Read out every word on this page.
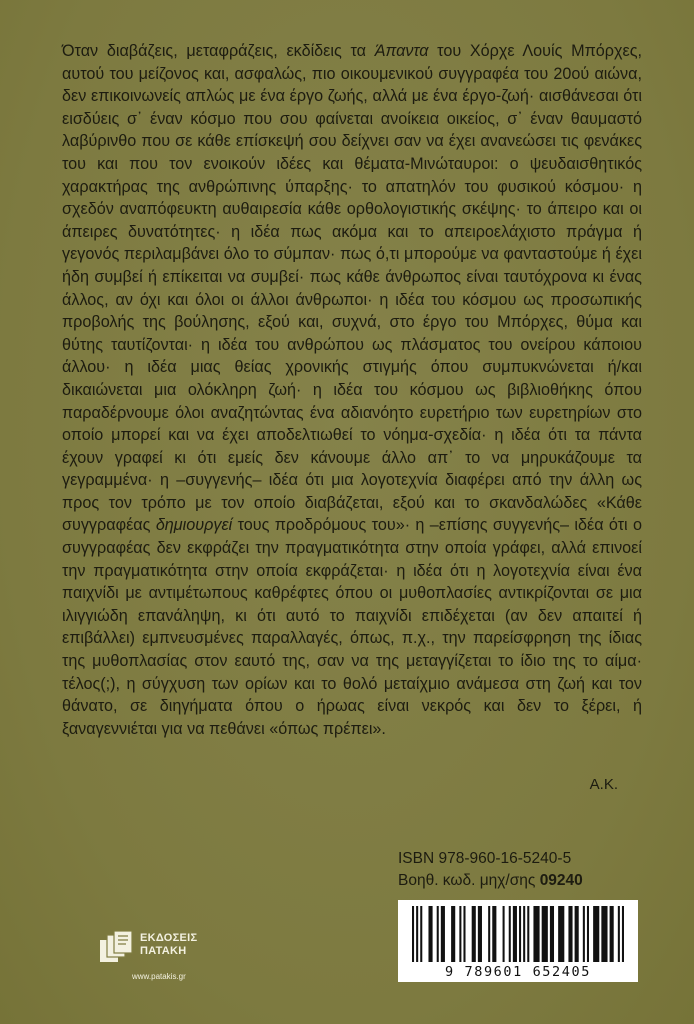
Όταν διαβάζεις, μεταφράζεις, εκδίδεις τα Άπαντα του Χόρχε Λουίς Μπόρχες, αυτού του μείζονος και, ασφαλώς, πιο οικουμενικού συγγραφέα του 20ού αιώνα, δεν επικοινωνείς απλώς με ένα έργο ζωής, αλλά με ένα έργο-ζωή· αισθάνεσαι ότι εισδύεις σ᾽ έναν κόσμο που σου φαίνεται ανοίκεια οικείος, σ᾽ έναν θαυμαστό λαβύρινθο που σε κάθε επίσκεψή σου δείχνει σαν να έχει ανανεώσει τις φενάκες του και που τον ενοικούν ιδέες και θέματα-Μινώταυροι: ο ψευδαισθητικός χαρακτήρας της ανθρώπινης ύπαρξης· το απατηλόν του φυσικού κόσμου· η σχεδόν αναπόφευκτη αυθαιρεσία κάθε ορθολογιστικής σκέψης· το άπειρο και οι άπειρες δυνατότητες· η ιδέα πως ακόμα και το απειροελάχιστο πράγμα ή γεγονός περιλαμβάνει όλο το σύμπαν· πως ό,τι μπορούμε να φανταστούμε ή έχει ήδη συμβεί ή επίκειται να συμβεί· πως κάθε άνθρωπος είναι ταυτόχρονα κι ένας άλλος, αν όχι και όλοι οι άλλοι άνθρωποι· η ιδέα του κόσμου ως προσωπικής προβολής της βούλησης, εξού και, συχνά, στο έργο του Μπόρχες, θύμα και θύτης ταυτίζονται· η ιδέα του ανθρώπου ως πλάσματος του ονείρου κάποιου άλλου· η ιδέα μιας θείας χρονικής στιγμής όπου συμπυκνώνεται ή/και δικαιώνεται μια ολόκληρη ζωή· η ιδέα του κόσμου ως βιβλιοθήκης όπου παραδέρνουμε όλοι αναζητώντας ένα αδιανόητο ευρετήριο των ευρετηρίων στο οποίο μπορεί και να έχει αποδελτιωθεί το νόημα-σχεδία· η ιδέα ότι τα πάντα έχουν γραφεί κι ότι εμείς δεν κάνουμε άλλο απ᾽ το να μηρυκάζουμε τα γεγραμμένα· η –συγγενής– ιδέα ότι μια λογοτεχνία διαφέρει από την άλλη ως προς τον τρόπο με τον οποίο διαβάζεται, εξού και το σκανδαλώδες «Κάθε συγγραφέας δημιουργεί τους προδρόμους του»· η –επίσης συγγενής– ιδέα ότι ο συγγραφέας δεν εκφράζει την πραγματικότητα στην οποία γράφει, αλλά επινοεί την πραγματικότητα στην οποία εκφράζεται· η ιδέα ότι η λογοτεχνία είναι ένα παιχνίδι με αντιμέτωπους καθρέφτες όπου οι μυθοπλασίες αντικρίζονται σε μια ιλιγγιώδη επανάληψη, κι ότι αυτό το παιχνίδι επιδέχεται (αν δεν απαιτεί ή επιβάλλει) εμπνευσμένες παραλλαγές, όπως, π.χ., την παρείσφρηση της ίδιας της μυθοπλασίας στον εαυτό της, σαν να της μεταγγίζεται το ίδιο της το αίμα· τέλος(;), η σύγχυση των ορίων και το θολό μεταίχμιο ανάμεσα στη ζωή και τον θάνατο, σε διηγήματα όπου ο ήρωας είναι νεκρός και δεν το ξέρει, ή ξαναγεννιέται για να πεθάνει «όπως πρέπει».

Α.Κ.
ISBN 978-960-16-5240-5
Βοηθ. κωδ. μηχ/σης 09240
9 789601 652405
ΕΚΔΟΣΕΙΣ
ΠΑΤΑΚΗ
www.patakis.gr
